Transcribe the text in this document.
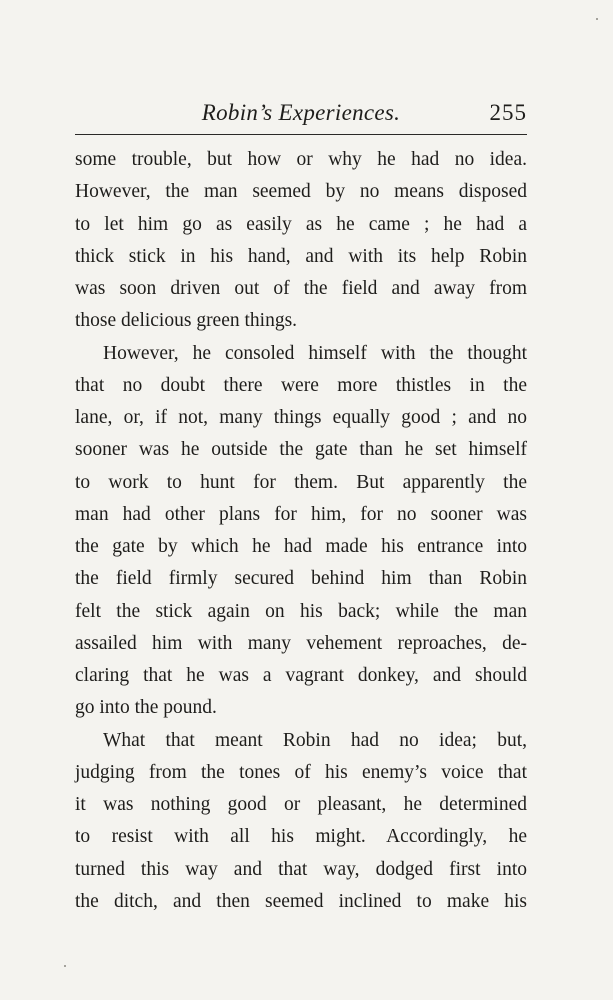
Robin’s Experiences.	255
some trouble, but how or why he had no idea.
However, the man seemed by no means disposed
to let him go as easily as he came ; he had a
thick stick in his hand, and with its help Robin
was soon driven out of the field and away from
those delicious green things.
However, he consoled himself with the thought
that no doubt there were more thistles in the
lane, or, if not, many things equally good ; and no
sooner was he outside the gate than he set himself
to work to hunt for them. But apparently the
man had other plans for him, for no sooner was
the gate by which he had made his entrance into
the field firmly secured behind him than Robin
felt the stick again on his back; while the man
assailed him with many vehement reproaches, de-
claring that he was a vagrant donkey, and should
go into the pound.
What that meant Robin had no idea; but,
judging from the tones of his enemy’s voice that
it was nothing good or pleasant, he determined
to resist with all his might. Accordingly, he
turned this way and that way, dodged first into
the ditch, and then seemed inclined to make his
